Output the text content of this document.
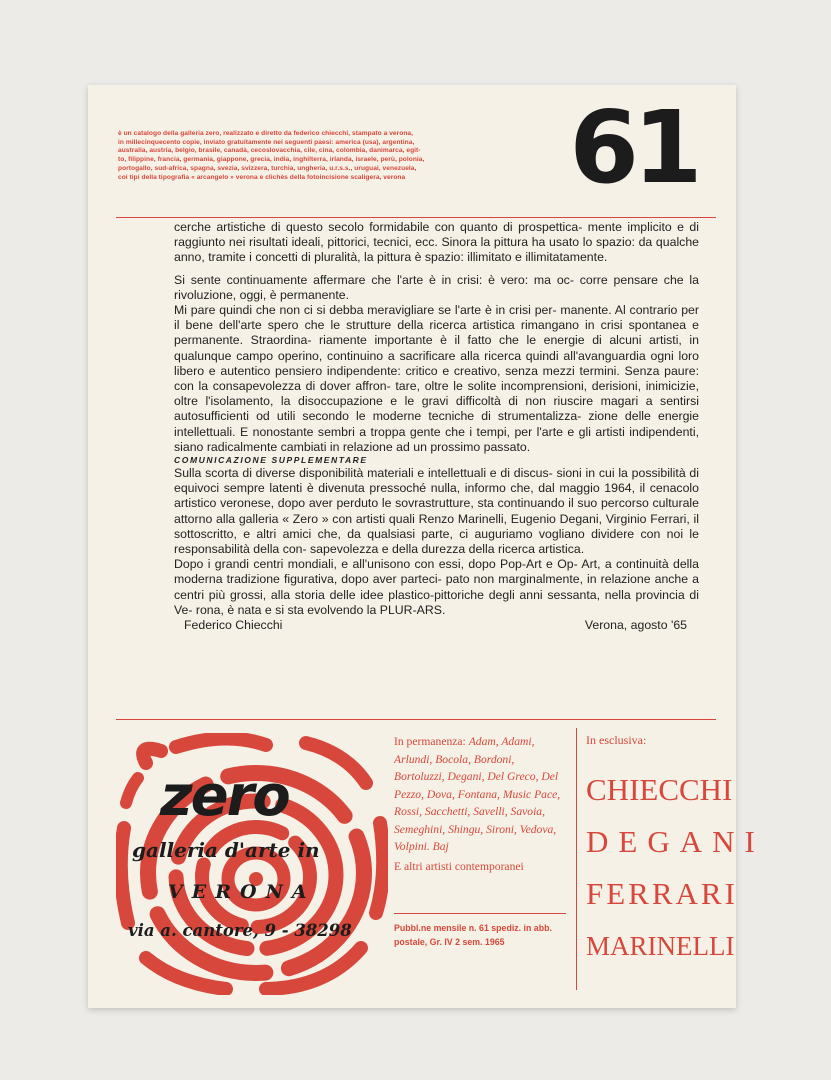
è un catalogo della galleria zero, realizzato e diretto da federico chiecchi, stampato a verona,
in millecinquecento copie, inviato gratuitamente nei seguenti paesi: america (usa), argentina,
australia, austria, belgio, brasile, canadà, cecoslovacchia, cile, cina, colombia, danimarca, egit-
to, filippine, francia, germania, giappone, grecia, india, inghilterra, irlanda, israele, perù, polonia,
portogallo, sud-africa, spagna, svezia, svizzera, turchia, ungheria, u.r.s.s., uruguai, venezuela,
coi tipi della tipografia « arcangelo » verona e clichès della fotoincisione scaligera, verona	61

cerche artistiche di questo secolo formidabile con quanto di prospettica- mente implicito e di raggiunto nei risultati ideali, pittorici, tecnici, ecc. Sinora la pittura ha usato lo spazio: da qualche anno, tramite i concetti di pluralità, la pittura è spazio: illimitato e illimitatamente.

Si sente continuamente affermare che l'arte è in crisi: è vero: ma oc- corre pensare che la rivoluzione, oggi, è permanente.

Mi pare quindi che non ci si debba meravigliare se l'arte è in crisi per- manente. Al contrario per il bene dell'arte spero che le strutture della ricerca artistica rimangano in crisi spontanea e permanente. Straordina- riamente importante è il fatto che le energie di alcuni artisti, in qualunque campo operino, continuino a sacrificare alla ricerca quindi all'avanguardia ogni loro libero e autentico pensiero indipendente: critico e creativo, senza mezzi termini. Senza paure: con la consapevolezza di dover affron- tare, oltre le solite incomprensioni, derisioni, inimicizie, oltre l'isolamento, la disoccupazione e le gravi difficoltà di non riuscire magari a sentirsi autosufficienti od utili secondo le moderne tecniche di strumentalizza- zione delle energie intellettuali. E nonostante sembri a troppa gente che i tempi, per l'arte e gli artisti indipendenti, siano radicalmente cambiati in relazione ad un prossimo passato.

COMUNICAZIONE SUPPLEMENTARE

Sulla scorta di diverse disponibilità materiali e intellettuali e di discus- sioni in cui la possibilità di equivoci sempre latenti è divenuta pressoché nulla, informo che, dal maggio 1964, il cenacolo artistico veronese, dopo aver perduto le sovrastrutture, sta continuando il suo percorso culturale attorno alla galleria « Zero » con artisti quali Renzo Marinelli, Eugenio Degani, Virginio Ferrari, il sottoscritto, e altri amici che, da qualsiasi parte, ci auguriamo vogliano dividere con noi le responsabilità della con- sapevolezza e della durezza della ricerca artistica.

Dopo i grandi centri mondiali, e all'unisono con essi, dopo Pop-Art e Op- Art, a continuità della moderna tradizione figurativa, dopo aver parteci- pato non marginalmente, in relazione anche a centri più grossi, alla storia delle idee plastico-pittoriche degli anni sessanta, nella provincia di Ve- rona, è nata e si sta evolvendo la PLUR-ARS.

Federico Chiecchi	Verona, agosto '65
zero
galleria d'arte in
VERONA
via a. cantore, 9 - 38298
In permanenza: Adam, Adami, Arlundi, Bocola, Bordoni, Bortoluzzi, Degani, Del Greco, Del Pezzo, Dova, Fontana, Music Pace, Rossi, Sacchetti, Savelli, Savoia, Semeghini, Shingu, Sironi, Vedova, Volpini. Baj
E altri artisti contemporanei
Pubbl.ne mensile n. 61 spediz. in abb. postale, Gr. IV 2 sem. 1965
In esclusiva:
CHIECCHI
DEGANI
FERRARI
MARINELLI
